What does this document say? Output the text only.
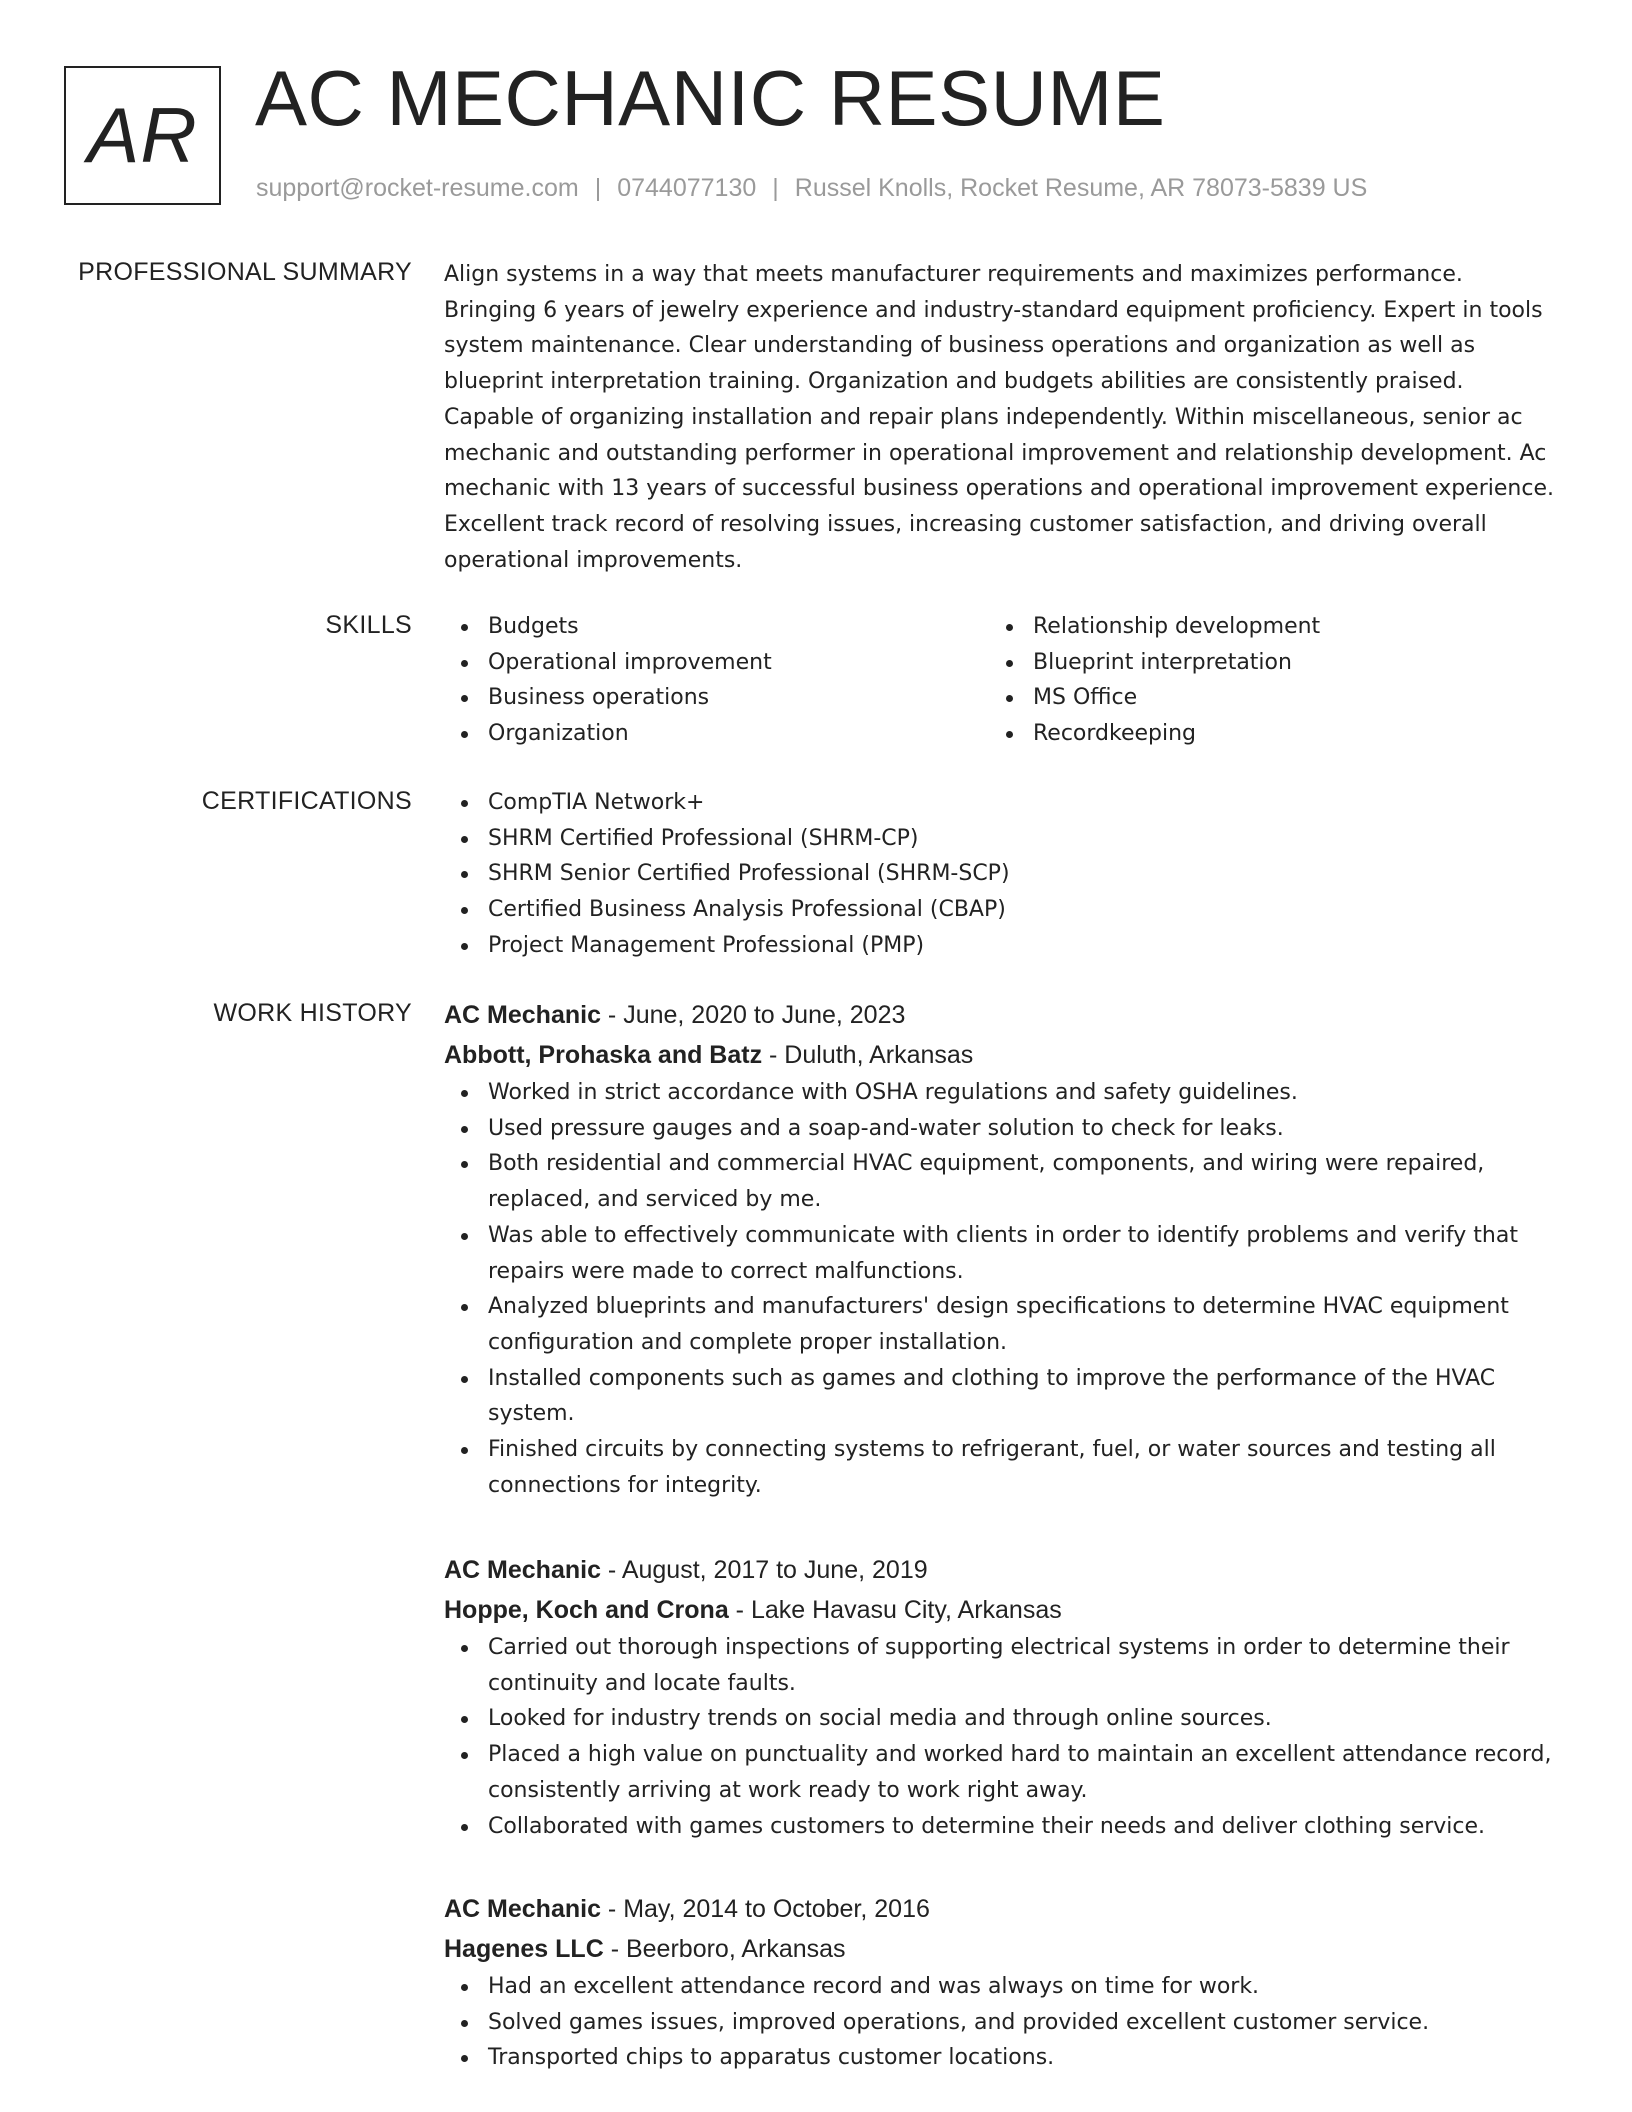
AR AC MECHANIC RESUME
support@rocket-resume.com | 0744077130 | Russel Knolls, Rocket Resume, AR 78073-5839 US
PROFESSIONAL SUMMARY Align systems in a way that meets manufacturer requirements and maximizes performance. Bringing 6 years of jewelry experience and industry-standard equipment proficiency. Expert in tools system maintenance. Clear understanding of business operations and organization as well as blueprint interpretation training. Organization and budgets abilities are consistently praised. Capable of organizing installation and repair plans independently. Within miscellaneous, senior ac mechanic and outstanding performer in operational improvement and relationship development. Ac mechanic with 13 years of successful business operations and operational improvement experience. Excellent track record of resolving issues, increasing customer satisfaction, and driving overall operational improvements.

SKILLS	Budgets
Operational improvement
Business operations
Organization
Relationship development
Blueprint interpretation
MS Office
Recordkeeping
CERTIFICATIONS	CompTIA Network+
SHRM Certified Professional (SHRM-CP)
SHRM Senior Certified Professional (SHRM-SCP)
Certified Business Analysis Professional (CBAP)
Project Management Professional (PMP)
WORK HISTORY AC Mechanic - June, 2020 to June, 2023
Abbott, Prohaska and Batz - Duluth, Arkansas
Worked in strict accordance with OSHA regulations and safety guidelines.
Used pressure gauges and a soap-and-water solution to check for leaks.
Both residential and commercial HVAC equipment, components, and wiring were repaired, replaced, and serviced by me.
Was able to effectively communicate with clients in order to identify problems and verify that repairs were made to correct malfunctions.
Analyzed blueprints and manufacturers' design specifications to determine HVAC equipment configuration and complete proper installation.
Installed components such as games and clothing to improve the performance of the HVAC system.
Finished circuits by connecting systems to refrigerant, fuel, or water sources and testing all connections for integrity.
AC Mechanic - August, 2017 to June, 2019
Hoppe, Koch and Crona - Lake Havasu City, Arkansas
Carried out thorough inspections of supporting electrical systems in order to determine their continuity and locate faults.
Looked for industry trends on social media and through online sources.
Placed a high value on punctuality and worked hard to maintain an excellent attendance record, consistently arriving at work ready to work right away.
Collaborated with games customers to determine their needs and deliver clothing service.
AC Mechanic - May, 2014 to October, 2016
Hagenes LLC - Beerboro, Arkansas
Had an excellent attendance record and was always on time for work.
Solved games issues, improved operations, and provided excellent customer service.
Transported chips to apparatus customer locations.
